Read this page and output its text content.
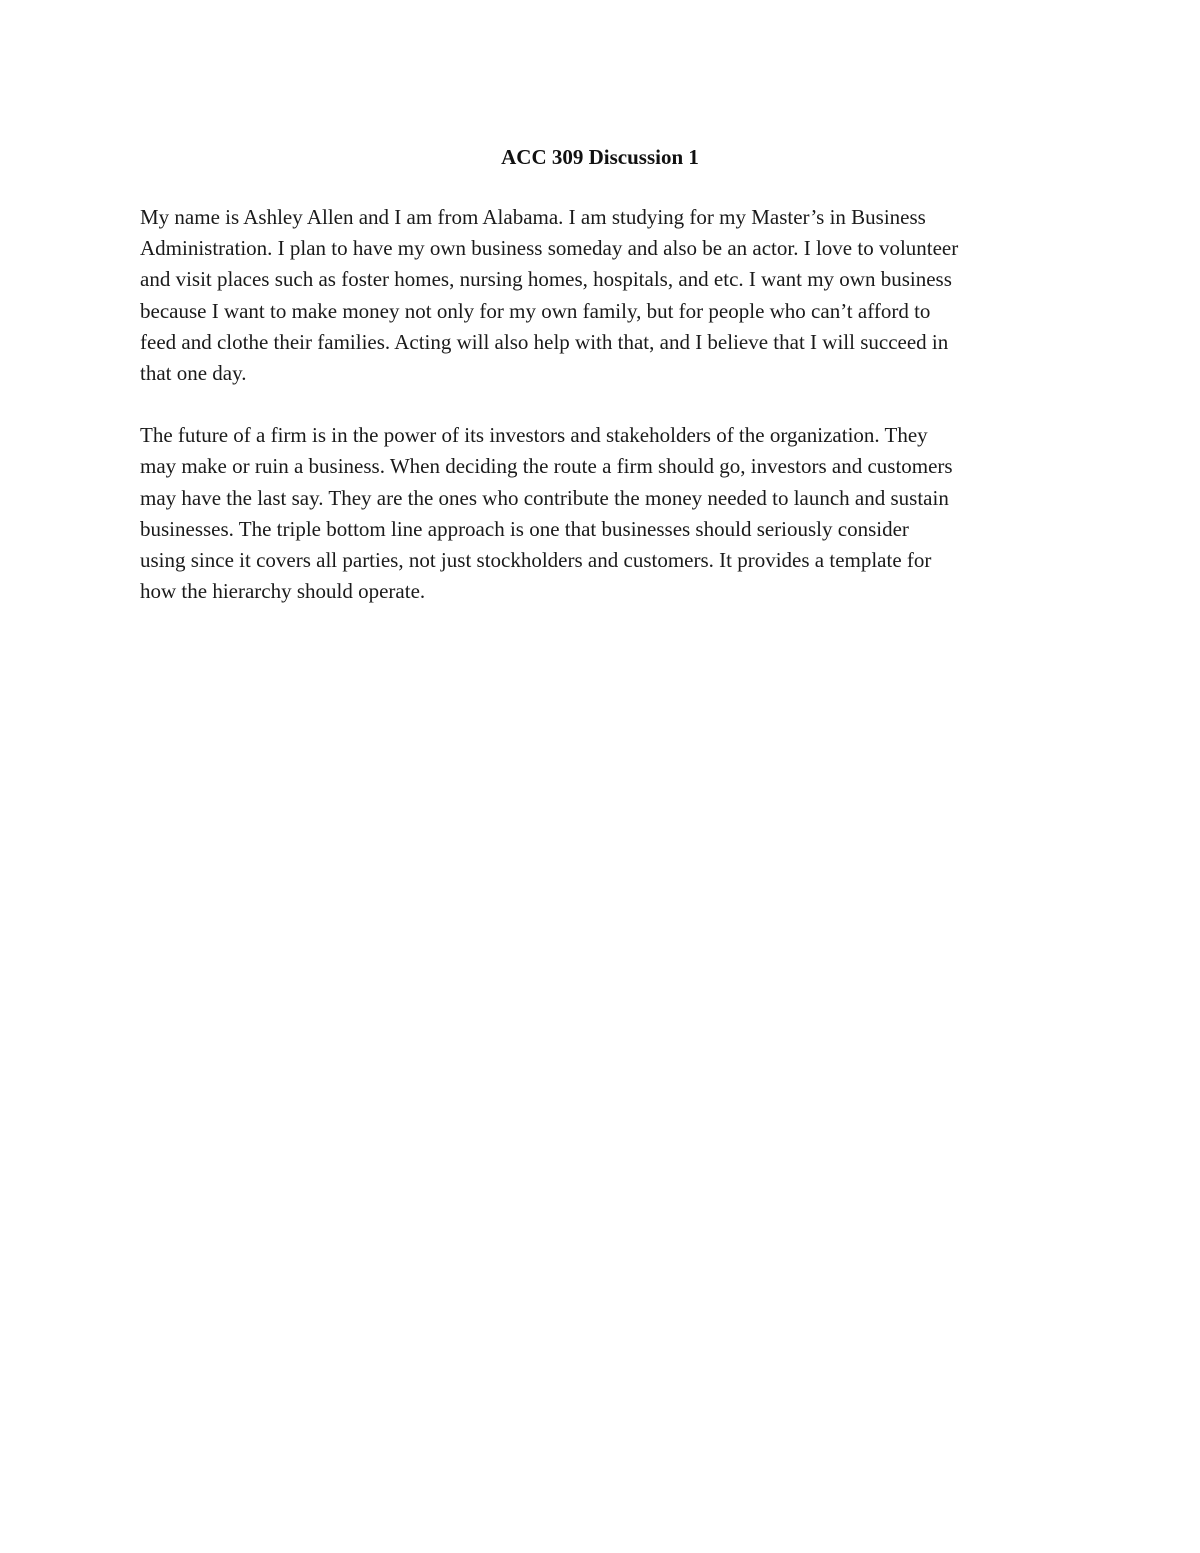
ACC 309 Discussion 1

My name is Ashley Allen and I am from Alabama. I am studying for my Master’s in Business
Administration. I plan to have my own business someday and also be an actor. I love to volunteer
and visit places such as foster homes, nursing homes, hospitals, and etc. I want my own business
because I want to make money not only for my own family, but for people who can’t afford to
feed and clothe their families. Acting will also help with that, and I believe that I will succeed in
that one day.

The future of a firm is in the power of its investors and stakeholders of the organization. They
may make or ruin a business. When deciding the route a firm should go, investors and customers
may have the last say. They are the ones who contribute the money needed to launch and sustain
businesses. The triple bottom line approach is one that businesses should seriously consider
using since it covers all parties, not just stockholders and customers. It provides a template for
how the hierarchy should operate.
